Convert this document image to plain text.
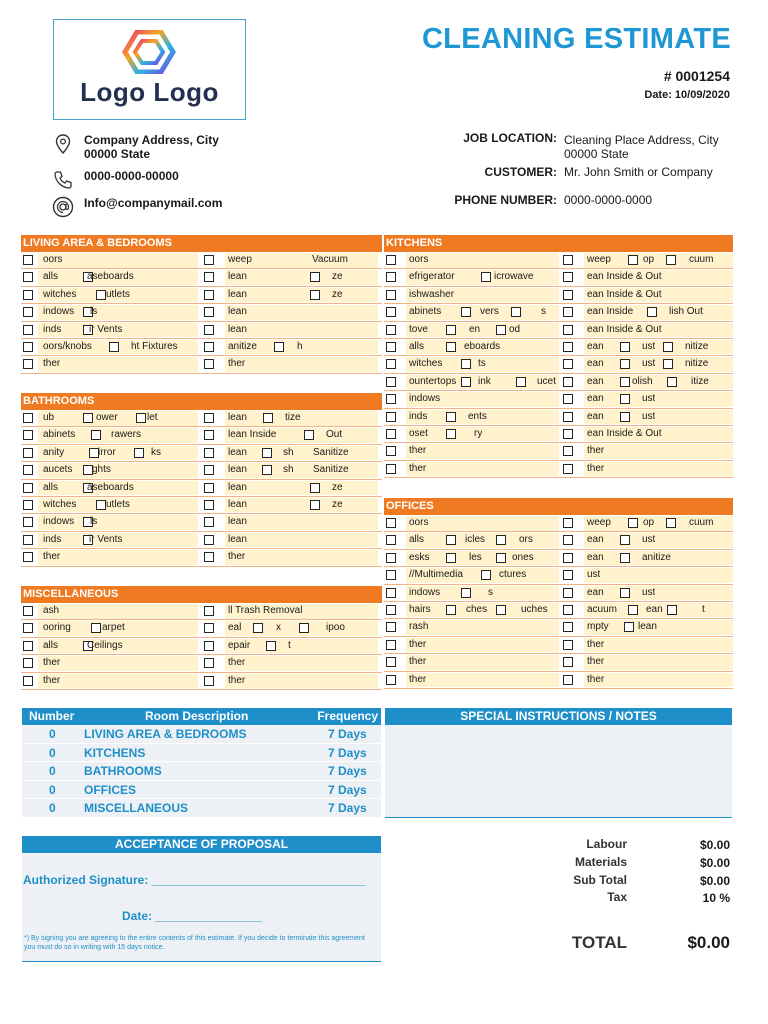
Logo Logo
CLEANING ESTIMATE
# 0001254
Date: 10/09/2020
Company Address, City
00000 State
0000-0000-00000
Info@companymail.com
JOB LOCATION: Cleaning Place Address, City
00000 State
CUSTOMER: Mr. John Smith or Company
PHONE NUMBER: 0000-0000-0000
LIVING AREA & BEDROOMS
oors	weep	Vacuum
alls	aseboards	lean	ze
witches	utlets	lean	ze
indows ls	lean
inds	ir Vents	lean
oors/knobs	ht Fixtures	anitize	h
ther	ther
BATHROOMS
ub	ower	let	lean	tize
abinets	rawers	lean Inside	Out
anity	irror	ks	lean	sh Sanitize
aucets ghts	lean	sh Sanitize
alls	aseboards	lean	ze
witches	utlets	lean	ze
indows ls	lean
inds	ir Vents	lean
ther	ther
MISCELLANEOUS
ash	ll Trash Removal
ooring	arpet	eal	x	ipoo
alls	Ceilings	epair	t
ther	ther
ther	ther
KITCHENS
oors	weep	op	cuum
efrigerator	icrowave	ean Inside & Out
ishwasher	ean Inside & Out
abinets	vers	s	ean Inside	lish Out
tove	en	od	ean Inside & Out
alls	eboards	ean	ust	nitize
witches	ts	ean	ust	nitize
ountertops ink	ucet	ean	olish	itize
indows	ean	ust
inds	ents	ean	ust
oset	ry	ean Inside & Out
ther	ther
ther	ther
OFFICES
oors	weep	op	cuum
alls	icles	ors	ean	ust
esks	les	ones	ean	anitize
//Multimedia	ctures	ust
indows	s	ean	ust
hairs	ches	uches	acuum	ean	t
rash	mpty	lean
ther	ther
ther	ther
ther	ther
Number	Room Description	Frequency
0 LIVING AREA & BEDROOMS	7 Days
0 KITCHENS	7 Days
0 BATHROOMS	7 Days
0 OFFICES	7 Days
0 MISCELLANEOUS	7 Days
SPECIAL INSTRUCTIONS / NOTES
ACCEPTANCE OF PROPOSAL
Authorized Signature: ________________________________
Date: ________________
*) By signing you are agreeing to the entire contents of this estimate. If you decide to terminate this agreement you must do so in writing with 15 days notice.
Labour	$0.00
Materials	$0.00
Sub Total	$0.00
Tax	10 %
TOTAL	$0.00
